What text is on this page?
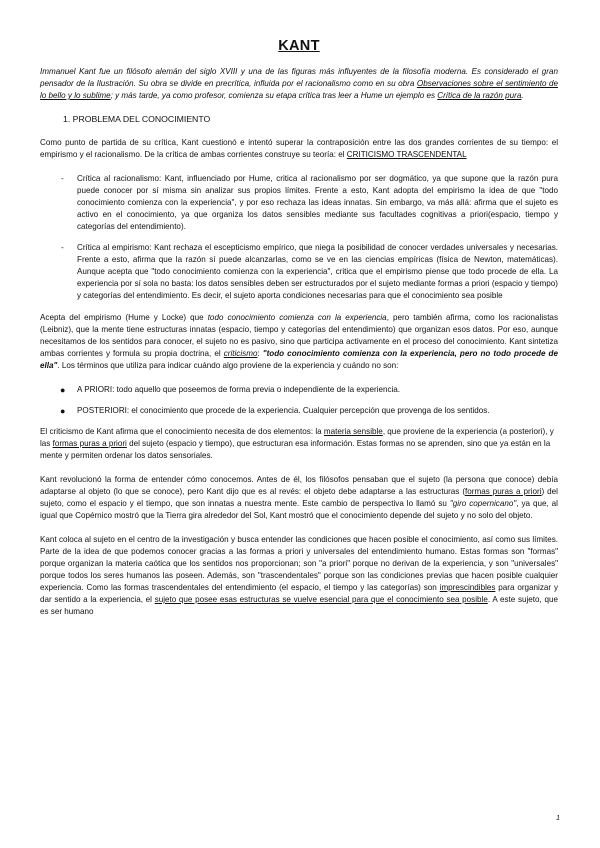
KANT

Immanuel Kant fue un filósofo alemán del siglo XVIII y una de las figuras más influyentes de la filosofía moderna. Es considerado el gran pensador de la Ilustración. Su obra se divide en precrítica, influida por el racionalismo como en su obra Observaciones sobre el sentimiento de lo bello y lo sublime; y más tarde, ya como profesor, comienza su etapa crítica tras leer a Hume un ejemplo es Crítica de la razón pura.

1. PROBLEMA DEL CONOCIMIENTO

Como punto de partida de su crítica, Kant cuestionó e intentó superar la contraposición entre las dos grandes corrientes de su tiempo: el empirismo y el racionalismo. De la crítica de ambas corrientes construye su teoría: el CRITICISMO TRASCENDENTAL

- Crítica al racionalismo: Kant, influenciado por Hume, critica al racionalismo por ser dogmático, ya que supone que la razón pura puede conocer por sí misma sin analizar sus propios límites. Frente a esto, Kant adopta del empirismo la idea de que "todo conocimiento comienza con la experiencia", y por eso rechaza las ideas innatas. Sin embargo, va más allá: afirma que el sujeto es activo en el conocimiento, ya que organiza los datos sensibles mediante sus facultades cognitivas a priori(espacio, tiempo y categorías del entendimiento).
- Crítica al empirismo: Kant rechaza el escepticismo empírico, que niega la posibilidad de conocer verdades universales y necesarias. Frente a esto, afirma que la razón sí puede alcanzarlas, como se ve en las ciencias empíricas (física de Newton, matemáticas). Aunque acepta que "todo conocimiento comienza con la experiencia", critica que el empirismo piense que todo procede de ella. La experiencia por sí sola no basta: los datos sensibles deben ser estructurados por el sujeto mediante formas a priori (espacio y tiempo) y categorías del entendimiento. Es decir, el sujeto aporta condiciones necesarias para que el conocimiento sea posible

Acepta del empirismo (Hume y Locke) que todo conocimiento comienza con la experiencia, pero también afirma, como los racionalistas (Leibniz), que la mente tiene estructuras innatas (espacio, tiempo y categorías del entendimiento) que organizan esos datos. Por eso, aunque necesitamos de los sentidos para conocer, el sujeto no es pasivo, sino que participa activamente en el proceso del conocimiento. Kant sintetiza ambas corrientes y formula su propia doctrina, el criticismo: "todo conocimiento comienza con la experiencia, pero no todo procede de ella". Los términos que utiliza para indicar cuándo algo proviene de la experiencia y cuándo no son:

● A PRIORI: todo aquello que poseemos de forma previa o independiente de la experiencia.
● POSTERIORI: el conocimiento que procede de la experiencia. Cualquier percepción que provenga de los sentidos.

El criticismo de Kant afirma que el conocimiento necesita de dos elementos: la materia sensible, que proviene de la experiencia (a posteriori), y las formas puras a priori del sujeto (espacio y tiempo), que estructuran esa información. Estas formas no se aprenden, sino que ya están en la mente y permiten ordenar los datos sensoriales.

Kant revolucionó la forma de entender cómo conocemos. Antes de él, los filósofos pensaban que el sujeto (la persona que conoce) debía adaptarse al objeto (lo que se conoce), pero Kant dijo que es al revés: el objeto debe adaptarse a las estructuras (formas puras a priori) del sujeto, como el espacio y el tiempo, que son innatas a nuestra mente. Este cambio de perspectiva lo llamó su "giro copernicano", ya que, al igual que Copérnico mostró que la Tierra gira alrededor del Sol, Kant mostró que el conocimiento depende del sujeto y no solo del objeto.

Kant coloca al sujeto en el centro de la investigación y busca entender las condiciones que hacen posible el conocimiento, así como sus límites. Parte de la idea de que podemos conocer gracias a las formas a priori y universales del entendimiento humano. Estas formas son "formas" porque organizan la materia caótica que los sentidos nos proporcionan; son "a priori" porque no derivan de la experiencia, y son "universales" porque todos los seres humanos las poseen. Además, son "trascendentales" porque son las condiciones previas que hacen posible cualquier experiencia. Como las formas trascendentales del entendimiento (el espacio, el tiempo y las categorías) son imprescindibles para organizar y dar sentido a la experiencia, el sujeto que posee esas estructuras se vuelve esencial para que el conocimiento sea posible. A este sujeto, que es ser humano

1
